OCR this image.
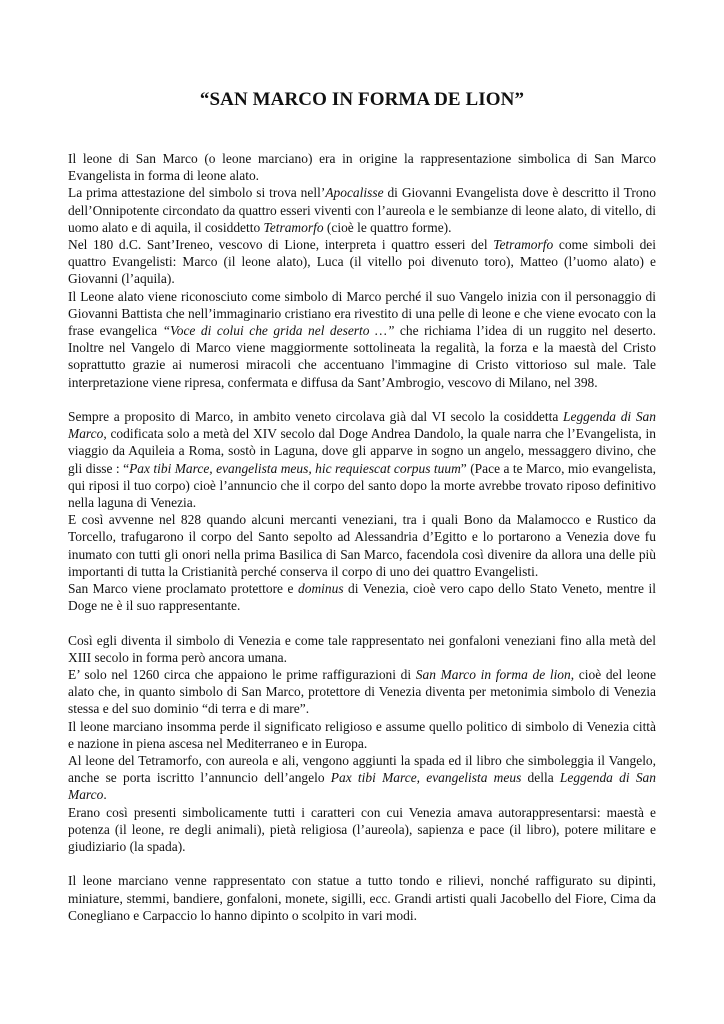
“SAN MARCO IN FORMA DE LION”

Il leone di San Marco (o leone marciano) era in origine la rappresentazione simbolica di San Marco Evangelista in forma di leone alato.

La prima attestazione del simbolo si trova nell’Apocalisse di Giovanni Evangelista dove è descritto il Trono dell’Onnipotente circondato da quattro esseri viventi con l’aureola e le sembianze di leone alato, di vitello, di uomo alato e di aquila, il cosiddetto Tetramorfo (cioè le quattro forme).

Nel 180 d.C. Sant’Ireneo, vescovo di Lione, interpreta i quattro esseri del Tetramorfo come simboli dei quattro Evangelisti: Marco (il leone alato), Luca (il vitello poi divenuto toro), Matteo (l’uomo alato) e Giovanni (l’aquila).

Il Leone alato viene riconosciuto come simbolo di Marco perché il suo Vangelo inizia con il personaggio di Giovanni Battista che nell’immaginario cristiano era rivestito di una pelle di leone e che viene evocato con la frase evangelica “Voce di colui che grida nel deserto …” che richiama l’idea di un ruggito nel deserto. Inoltre nel Vangelo di Marco viene maggiormente sottolineata la regalità, la forza e la maestà del Cristo soprattutto grazie ai numerosi miracoli che accentuano l'immagine di Cristo vittorioso sul male. Tale interpretazione viene ripresa, confermata e diffusa da Sant’Ambrogio, vescovo di Milano, nel 398.

Sempre a proposito di Marco, in ambito veneto circolava già dal VI secolo la cosiddetta Leggenda di San Marco, codificata solo a metà del XIV secolo dal Doge Andrea Dandolo, la quale narra che l’Evangelista, in viaggio da Aquileia a Roma, sostò in Laguna, dove gli apparve in sogno un angelo, messaggero divino, che gli disse : “Pax tibi Marce, evangelista meus, hic requiescat corpus tuum” (Pace a te Marco, mio evangelista, qui riposi il tuo corpo) cioè l’annuncio che il corpo del santo dopo la morte avrebbe trovato riposo definitivo nella laguna di Venezia.

E così avvenne nel 828 quando alcuni mercanti veneziani, tra i quali Bono da Malamocco e Rustico da Torcello, trafugarono il corpo del Santo sepolto ad Alessandria d’Egitto e lo portarono a Venezia dove fu inumato con tutti gli onori nella prima Basilica di San Marco, facendola così divenire da allora una delle più importanti di tutta la Cristianità perché conserva il corpo di uno dei quattro Evangelisti.

San Marco viene proclamato protettore e dominus di Venezia, cioè vero capo dello Stato Veneto, mentre il Doge ne è il suo rappresentante.

Così egli diventa il simbolo di Venezia e come tale rappresentato nei gonfaloni veneziani fino alla metà del XIII secolo in forma però ancora umana.

E’ solo nel 1260 circa che appaiono le prime raffigurazioni di San Marco in forma de lion, cioè del leone alato che, in quanto simbolo di San Marco, protettore di Venezia diventa per metonimia simbolo di Venezia stessa e del suo dominio “di terra e di mare”.

Il leone marciano insomma perde il significato religioso e assume quello politico di simbolo di Venezia città e nazione in piena ascesa nel Mediterraneo e in Europa.

Al leone del Tetramorfo, con aureola e ali, vengono aggiunti la spada ed il libro che simboleggia il Vangelo, anche se porta iscritto l’annuncio dell’angelo Pax tibi Marce, evangelista meus della Leggenda di San Marco.

Erano così presenti simbolicamente tutti i caratteri con cui Venezia amava autorappresentarsi: maestà e potenza (il leone, re degli animali), pietà religiosa (l’aureola), sapienza e pace (il libro), potere militare e giudiziario (la spada).

Il leone marciano venne rappresentato con statue a tutto tondo e rilievi, nonché raffigurato su dipinti, miniature, stemmi, bandiere, gonfaloni, monete, sigilli, ecc. Grandi artisti quali Jacobello del Fiore, Cima da Conegliano e Carpaccio lo hanno dipinto o scolpito in vari modi.
